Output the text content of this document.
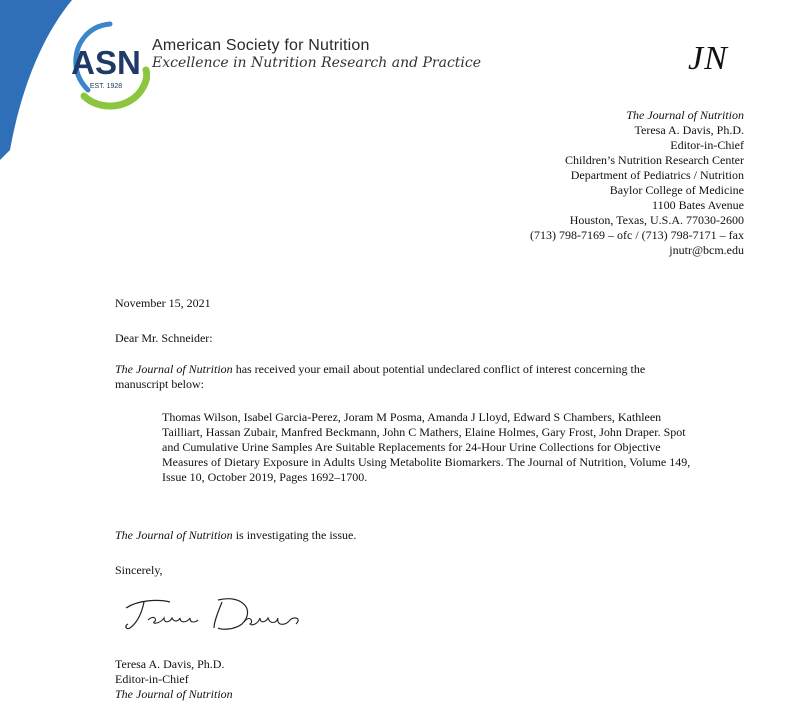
ASN
EST. 1928
American Society for Nutrition
Excellence in Nutrition Research and Practice	JN
The Journal of Nutrition
Teresa A. Davis, Ph.D.
Editor-in-Chief
Children’s Nutrition Research Center
Department of Pediatrics / Nutrition
Baylor College of Medicine
1100 Bates Avenue
Houston, Texas, U.S.A. 77030-2600
(713) 798-7169 – ofc / (713) 798-7171 – fax
jnutr@bcm.edu
November 15, 2021
Dear Mr. Schneider:
The Journal of Nutrition has received your email about potential undeclared conflict of interest concerning the manuscript below:
Thomas Wilson, Isabel Garcia-Perez, Joram M Posma, Amanda J Lloyd, Edward S Chambers, Kathleen Tailliart, Hassan Zubair, Manfred Beckmann, John C Mathers, Elaine Holmes, Gary Frost, John Draper. Spot and Cumulative Urine Samples Are Suitable Replacements for 24-Hour Urine Collections for Objective Measures of Dietary Exposure in Adults Using Metabolite Biomarkers. The Journal of Nutrition, Volume 149, Issue 10, October 2019, Pages 1692–1700.
The Journal of Nutrition is investigating the issue.
Sincerely,
Teresa A. Davis, Ph.D.
Editor-in-Chief
The Journal of Nutrition
